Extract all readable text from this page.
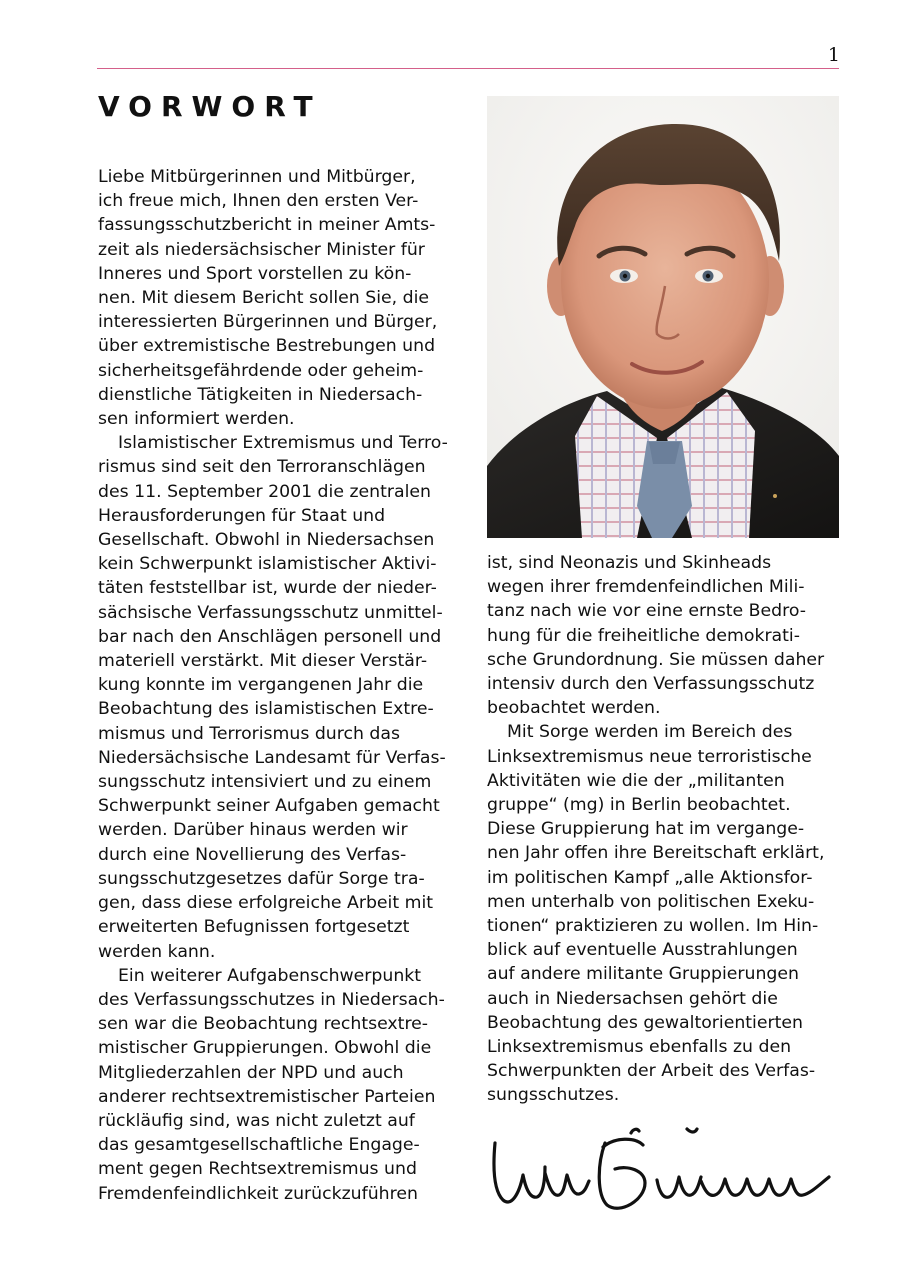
1
VORWORT
Liebe Mitbürgerinnen und Mitbürger,
ich freue mich, Ihnen den ersten Ver-
fassungsschutzbericht in meiner Amts-
zeit als niedersächsischer Minister für
Inneres und Sport vorstellen zu kön-
nen. Mit diesem Bericht sollen Sie, die
interessierten Bürgerinnen und Bürger,
über extremistische Bestrebungen und
sicherheitsgefährdende oder geheim-
dienstliche Tätigkeiten in Niedersach-
sen informiert werden.
Islamistischer Extremismus und Terro-
rismus sind seit den Terroranschlägen
des 11. September 2001 die zentralen
Herausforderungen für Staat und
Gesellschaft. Obwohl in Niedersachsen
kein Schwerpunkt islamistischer Aktivi-
täten feststellbar ist, wurde der nieder-
sächsische Verfassungsschutz unmittel-
bar nach den Anschlägen personell und
materiell verstärkt. Mit dieser Verstär-
kung konnte im vergangenen Jahr die
Beobachtung des islamistischen Extre-
mismus und Terrorismus durch das
Niedersächsische Landesamt für Verfas-
sungsschutz intensiviert und zu einem
Schwerpunkt seiner Aufgaben gemacht
werden. Darüber hinaus werden wir
durch eine Novellierung des Verfas-
sungsschutzgesetzes dafür Sorge tra-
gen, dass diese erfolgreiche Arbeit mit
erweiterten Befugnissen fortgesetzt
werden kann.
Ein weiterer Aufgabenschwerpunkt
des Verfassungsschutzes in Niedersach-
sen war die Beobachtung rechtsextre-
mistischer Gruppierungen. Obwohl die
Mitgliederzahlen der NPD und auch
anderer rechtsextremistischer Parteien
rückläufig sind, was nicht zuletzt auf
das gesamtgesellschaftliche Engage-
ment gegen Rechtsextremismus und
Fremdenfeindlichkeit zurückzuführen
ist, sind Neonazis und Skinheads
wegen ihrer fremdenfeindlichen Mili-
tanz nach wie vor eine ernste Bedro-
hung für die freiheitliche demokrati-
sche Grundordnung. Sie müssen daher
intensiv durch den Verfassungsschutz
beobachtet werden.
Mit Sorge werden im Bereich des
Linksextremismus neue terroristische
Aktivitäten wie die der „militanten
gruppe“ (mg) in Berlin beobachtet.
Diese Gruppierung hat im vergange-
nen Jahr offen ihre Bereitschaft erklärt,
im politischen Kampf „alle Aktionsfor-
men unterhalb von politischen Exeku-
tionen“ praktizieren zu wollen. Im Hin-
blick auf eventuelle Ausstrahlungen
auf andere militante Gruppierungen
auch in Niedersachsen gehört die
Beobachtung des gewaltorientierten
Linksextremismus ebenfalls zu den
Schwerpunkten der Arbeit des Verfas-
sungsschutzes.
